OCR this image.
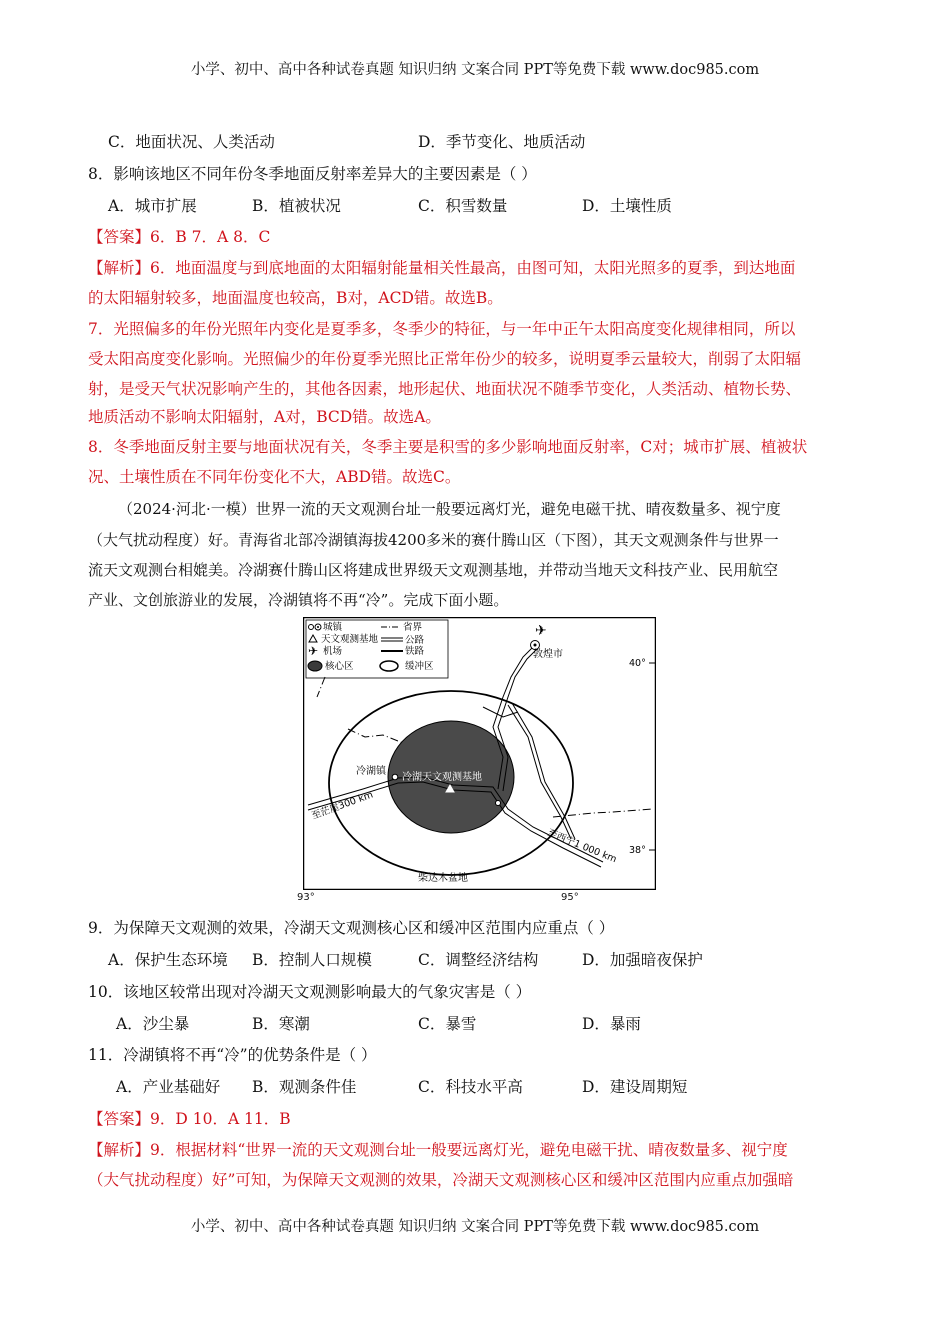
小学、初中、高中各种试卷真题 知识归纳 文案合同 PPT等免费下载 www.doc985.com
C．地面状况、人类活动	D．季节变化、地质活动
8．影响该地区不同年份冬季地面反射率差异大的主要因素是（ ）
A．城市扩展	B．植被状况	C．积雪数量	D．土壤性质
【答案】6．B 7．A 8．C
【解析】6．地面温度与到底地面的太阳辐射能量相关性最高，由图可知，太阳光照多的夏季，到达地面
的太阳辐射较多，地面温度也较高，B对，ACD错。故选B。
7．光照偏多的年份光照年内变化是夏季多，冬季少的特征，与一年中正午太阳高度变化规律相同，所以
受太阳高度变化影响。光照偏少的年份夏季光照比正常年份少的较多，说明夏季云量较大，削弱了太阳辐
射，是受天气状况影响产生的，其他各因素，地形起伏、地面状况不随季节变化，人类活动、植物长势、
地质活动不影响太阳辐射，A对，BCD错。故选A。
8．冬季地面反射主要与地面状况有关，冬季主要是积雪的多少影响地面反射率，C对；城市扩展、植被状
况、土壤性质在不同年份变化不大，ABD错。故选C。
（2024·河北·一模）世界一流的天文观测台址一般要远离灯光，避免电磁干扰、晴夜数量多、视宁度
（大气扰动程度）好。青海省北部冷湖镇海拔4200多米的赛什腾山区（下图），其天文观测条件与世界一
流天文观测台相媲美。冷湖赛什腾山区将建成世界级天文观测基地，并带动当地天文科技产业、民用航空
产业、文创旅游业的发展，冷湖镇将不再“冷”。完成下面小题。
城镇	省界
天文观测基地	公路
✈ 机场	铁路
核心区	缓冲区
敦煌市
✈
冷湖镇
冷湖天文观测基地
至茫崖300 km
至西宁1 000 km
柴达木盆地
40°
38°
93°	95°
9．为保障天文观测的效果，冷湖天文观测核心区和缓冲区范围内应重点（ ）
A．保护生态环境 B．控制人口规模	C．调整经济结构	D．加强暗夜保护
10．该地区较常出现对冷湖天文观测影响最大的气象灾害是（ ）
A．沙尘暴	B．寒潮	C．暴雪	D．暴雨
11．冷湖镇将不再“冷”的优势条件是（ ）
A．产业基础好 B．观测条件佳	C．科技水平高	D．建设周期短
【答案】9．D 10．A 11．B
【解析】9．根据材料“世界一流的天文观测台址一般要远离灯光，避免电磁干扰、晴夜数量多、视宁度
（大气扰动程度）好”可知，为保障天文观测的效果，冷湖天文观测核心区和缓冲区范围内应重点加强暗
小学、初中、高中各种试卷真题 知识归纳 文案合同 PPT等免费下载 www.doc985.com
